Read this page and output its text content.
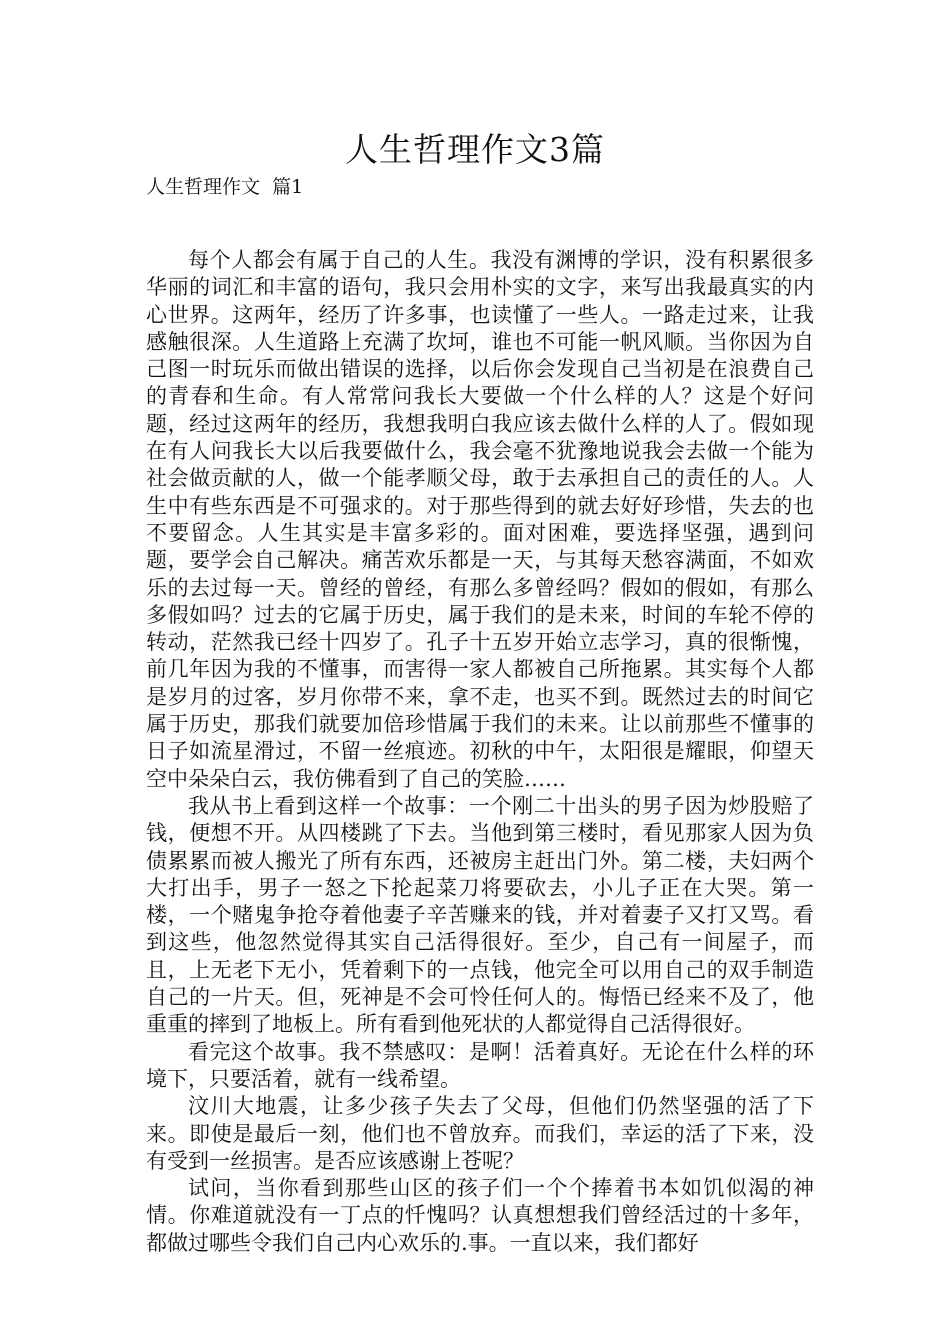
人生哲理作文3篇

人生哲理作文  篇1

每个人都会有属于自己的人生。我没有渊博的学识，没有积累很多华丽的词汇和丰富的语句，我只会用朴实的文字，来写出我最真实的内心世界。这两年，经历了许多事，也读懂了一些人。一路走过来，让我感触很深。人生道路上充满了坎坷，谁也不可能一帆风顺。当你因为自己图一时玩乐而做出错误的选择，以后你会发现自己当初是在浪费自己的青春和生命。有人常常问我长大要做一个什么样的人？这是个好问题，经过这两年的经历，我想我明白我应该去做什么样的人了。假如现在有人问我长大以后我要做什么，我会毫不犹豫地说我会去做一个能为社会做贡献的人，做一个能孝顺父母，敢于去承担自己的责任的人。人生中有些东西是不可强求的。对于那些得到的就去好好珍惜，失去的也不要留念。人生其实是丰富多彩的。面对困难，要选择坚强，遇到问题，要学会自己解决。痛苦欢乐都是一天，与其每天愁容满面，不如欢乐的去过每一天。曾经的曾经，有那么多曾经吗？假如的假如，有那么多假如吗？过去的它属于历史，属于我们的是未来，时间的车轮不停的转动，茫然我已经十四岁了。孔子十五岁开始立志学习，真的很惭愧，前几年因为我的不懂事，而害得一家人都被自己所拖累。其实每个人都是岁月的过客，岁月你带不来，拿不走，也买不到。既然过去的时间它属于历史，那我们就要加倍珍惜属于我们的未来。让以前那些不懂事的日子如流星滑过，不留一丝痕迹。初秋的中午，太阳很是耀眼，仰望天空中朵朵白云，我仿佛看到了自己的笑脸……

我从书上看到这样一个故事：一个刚二十出头的男子因为炒股赔了钱，便想不开。从四楼跳了下去。当他到第三楼时，看见那家人因为负债累累而被人搬光了所有东西，还被房主赶出门外。第二楼，夫妇两个大打出手，男子一怒之下抡起菜刀将要砍去，小儿子正在大哭。第一楼，一个赌鬼争抢夺着他妻子辛苦赚来的钱，并对着妻子又打又骂。看到这些，他忽然觉得其实自己活得很好。至少，自己有一间屋子，而且，上无老下无小，凭着剩下的一点钱，他完全可以用自己的双手制造自己的一片天。但，死神是不会可怜任何人的。悔悟已经来不及了，他重重的摔到了地板上。所有看到他死状的人都觉得自己活得很好。

看完这个故事。我不禁感叹：是啊！活着真好。无论在什么样的环境下，只要活着，就有一线希望。

汶川大地震，让多少孩子失去了父母，但他们仍然坚强的活了下来。即使是最后一刻，他们也不曾放弃。而我们，幸运的活了下来，没有受到一丝损害。是否应该感谢上苍呢？

试问，当你看到那些山区的孩子们一个个捧着书本如饥似渴的神情。你难道就没有一丁点的忏愧吗？认真想想我们曾经活过的十多年，都做过哪些令我们自己内心欢乐的.事。一直以来，我们都好
